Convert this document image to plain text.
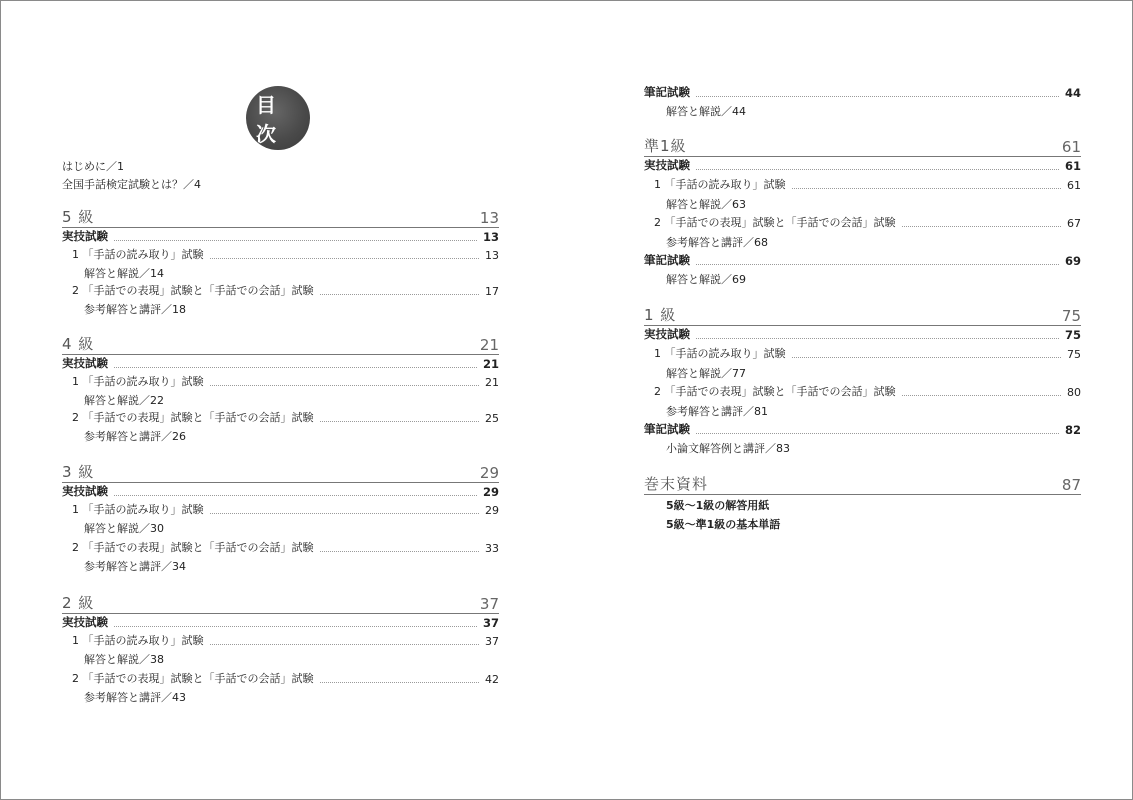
目 次
はじめに／1
全国手話検定試験とは？／4
5 級	13
実技試験	13
1 「手話の読み取り」試験	13
解答と解説／14
2 「手話での表現」試験と「手話での会話」試験	17
参考解答と講評／18
4 級	21
実技試験	21
1 「手話の読み取り」試験	21
解答と解説／22
2 「手話での表現」試験と「手話での会話」試験	25
参考解答と講評／26
3 級	29
実技試験	29
1 「手話の読み取り」試験	29
解答と解説／30
2 「手話での表現」試験と「手話での会話」試験	33
参考解答と講評／34
2 級	37
実技試験	37
1 「手話の読み取り」試験	37
解答と解説／38
2 「手話での表現」試験と「手話での会話」試験	42
参考解答と講評／43
筆記試験	44
解答と解説／44
準1級	61
実技試験	61
1 「手話の読み取り」試験	61
解答と解説／63
2 「手話での表現」試験と「手話での会話」試験	67
参考解答と講評／68
筆記試験	69
解答と解説／69
1 級	75
実技試験	75
1 「手話の読み取り」試験	75
解答と解説／77
2 「手話での表現」試験と「手話での会話」試験	80
参考解答と講評／81
筆記試験	82
小論文解答例と講評／83
巻末資料	87
5級～1級の解答用紙
5級～準1級の基本単語
